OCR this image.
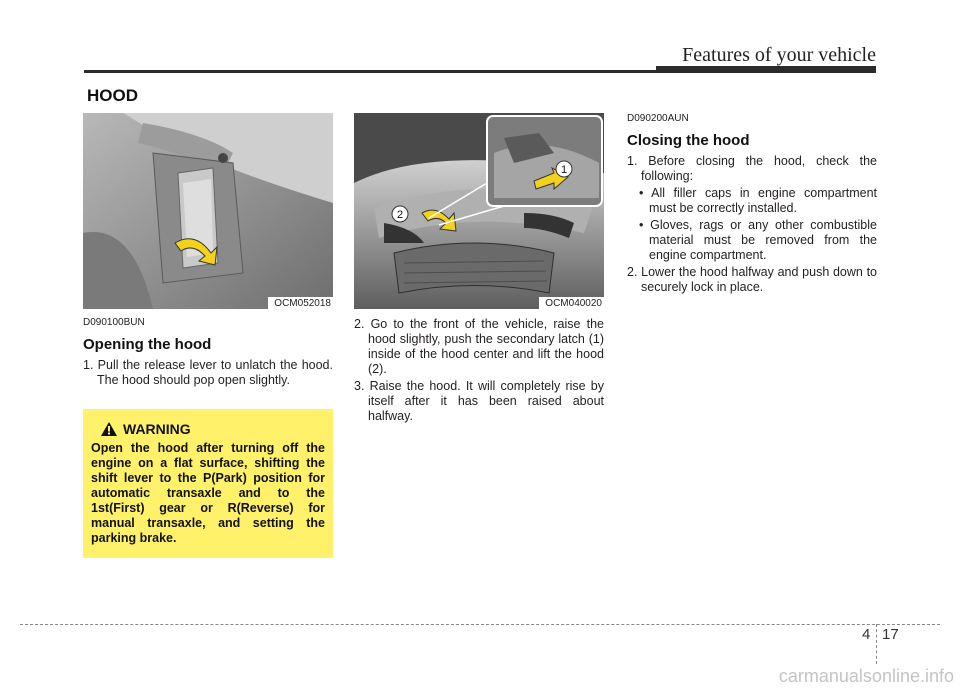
Features of your vehicle
HOOD
OCM052018
D090100BUN
Opening the hood

1. Pull the release lever to unlatch the hood. The hood should pop open slightly.

WARNING
Open the hood after turning off the engine on a flat surface, shifting the shift lever to the P(Park) position for automatic transaxle and to the 1st(First) gear or R(Reverse) for manual transaxle, and setting the parking brake.
2
1
OCM040020

2. Go to the front of the vehicle, raise the hood slightly, push the secondary latch (1) inside of the hood center and lift the hood (2).

3. Raise the hood. It will completely rise by itself after it has been raised about halfway.

D090200AUN
Closing the hood

1. Before closing the hood, check the following:

• All filler caps in engine compartment must be correctly installed.

• Gloves, rags or any other combustible material must be removed from the engine compartment.

2. Lower the hood halfway and push down to securely lock in place.

4 17
carmanualsonline.info
